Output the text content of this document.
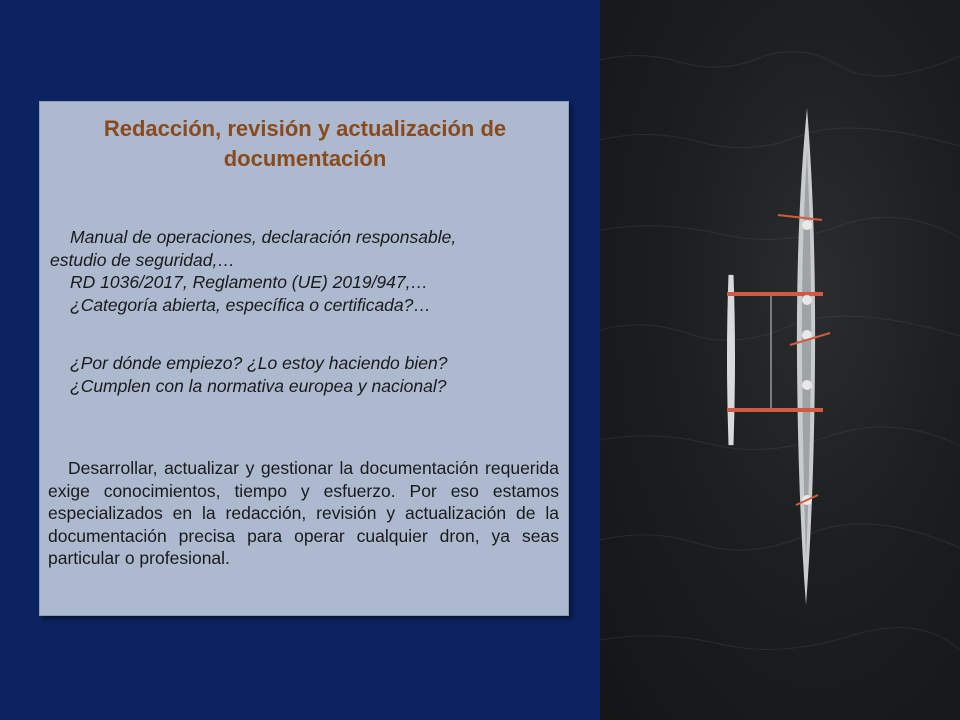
Redacción, revisión y actualización de
documentación
Manual de operaciones, declaración responsable,
estudio de seguridad,…
RD 1036/2017, Reglamento (UE) 2019/947,…
¿Categoría abierta, específica o certificada?…
¿Por dónde empiezo? ¿Lo estoy haciendo bien?
¿Cumplen con la normativa europea y nacional?
Desarrollar, actualizar y gestionar la documentación requerida exige conocimientos, tiempo y esfuerzo. Por eso estamos especializados en la redacción, revisión y actualización de la documentación precisa para operar cualquier dron, ya seas particular o profesional.
